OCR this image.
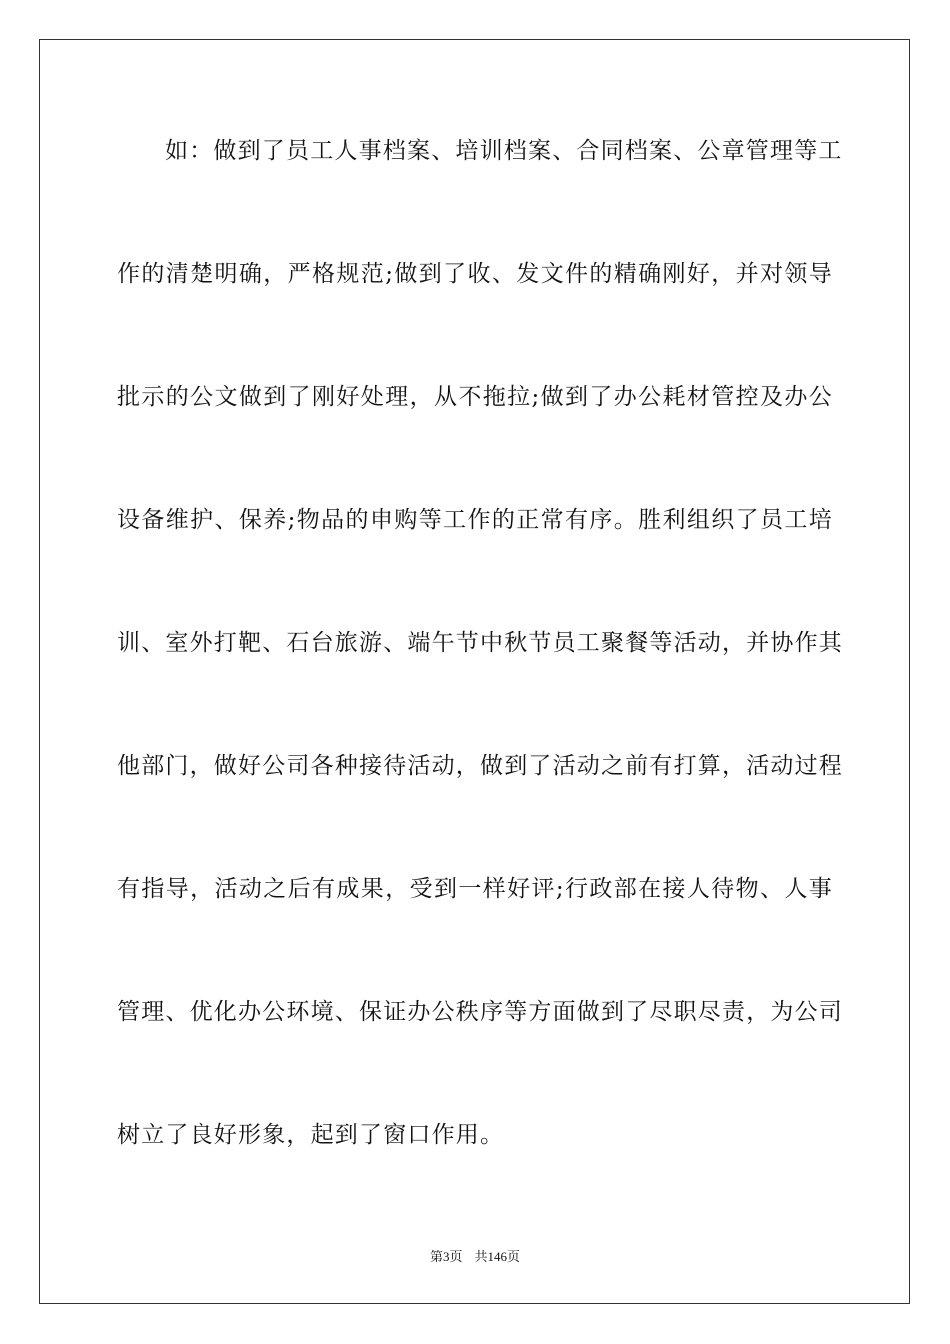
如：做到了员工人事档案、培训档案、合同档案、公章管理等工
作的清楚明确，严格规范;做到了收、发文件的精确刚好，并对领导
批示的公文做到了刚好处理，从不拖拉;做到了办公耗材管控及办公
设备维护、保养;物品的申购等工作的正常有序。胜利组织了员工培
训、室外打靶、石台旅游、端午节中秋节员工聚餐等活动，并协作其
他部门，做好公司各种接待活动，做到了活动之前有打算，活动过程
有指导，活动之后有成果，受到一样好评;行政部在接人待物、人事
管理、优化办公环境、保证办公秩序等方面做到了尽职尽责，为公司
树立了良好形象，起到了窗口作用。
第3页 共146页
